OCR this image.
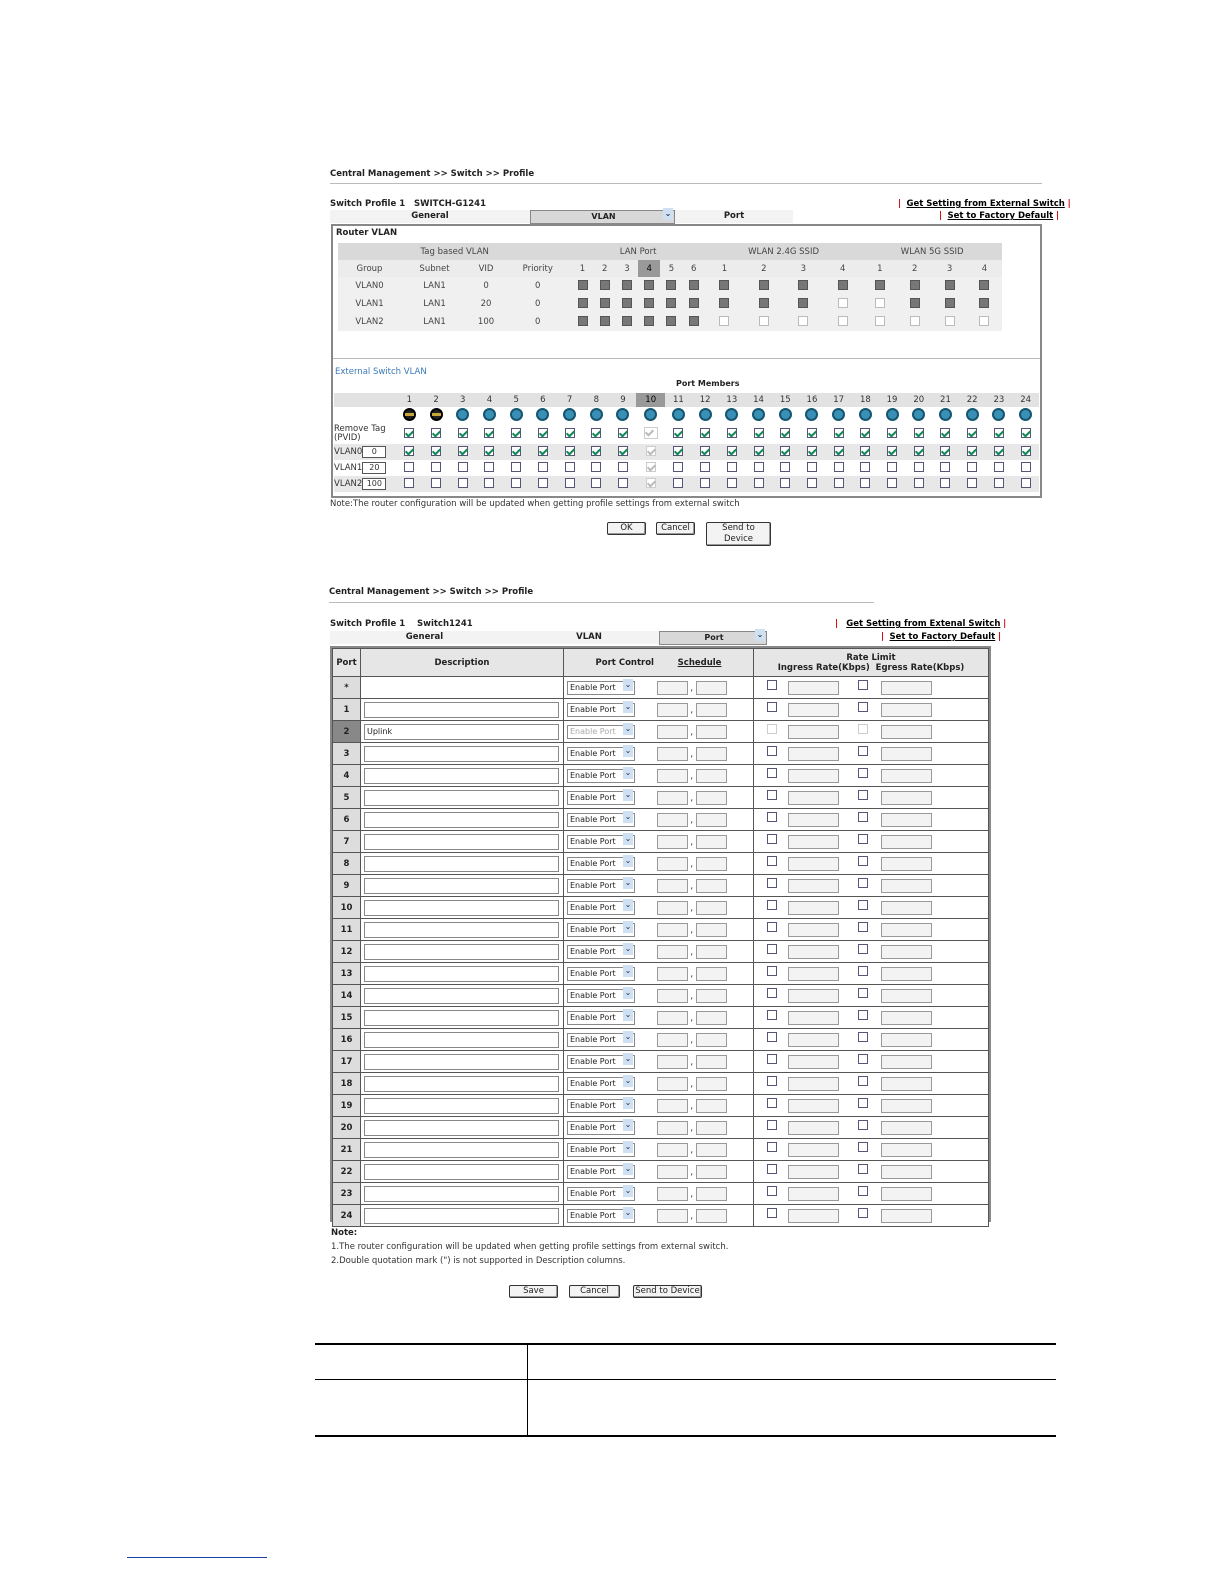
Central Management >> Switch >> Profile
Switch Profile 1 SWITCH-G1241	| Get Setting from External Switch |
| Set to Factory Default |
General	VLAN ⌄	Port
Router VLAN
Tag based VLAN				LAN Port						WLAN 2.4G SSID				WLAN 5G SSID			
Group	Subnet	VID	Priority	1	2	3	4	5	6	1	2	3	4	1	2	3	4
VLAN0	LAN1	0	0														
VLAN1	LAN1	20	0														
VLAN2	LAN1	100	0														
External Switch VLAN
Port Members
	1	2	3	4	5	6	7	8	9	10	11	12	13	14	15	16	17	18	19	20	21	22	23	24

Remove Tag (PVID)																								
VLAN0 0																								
VLAN1 20																								
VLAN2 100																								
Note:The router configuration will be updated when getting profile settings from external switch
OK	Cancel	Send to Device
Central Management >> Switch >> Profile
Switch Profile 1 Switch1241	| Get Setting from Extenal Switch |
| Set to Factory Default |
General	VLAN	Port ⌄
Port	Description	Port Control Schedule	Rate Limit
Ingress Rate(Kbps) Egress Rate(Kbps)

*		Enable Port ⌄ ,	
1		Enable Port ⌄ ,	
2	Uplink	Enable Port ⌄ ,	
3		Enable Port ⌄ ,	
4		Enable Port ⌄ ,	
5		Enable Port ⌄ ,	
6		Enable Port ⌄ ,	
7		Enable Port ⌄ ,	
8		Enable Port ⌄ ,	
9		Enable Port ⌄ ,	
10		Enable Port ⌄ ,	
11		Enable Port ⌄ ,	
12		Enable Port ⌄ ,	
13		Enable Port ⌄ ,	
14		Enable Port ⌄ ,	
15		Enable Port ⌄ ,	
16		Enable Port ⌄ ,	
17		Enable Port ⌄ ,	
18		Enable Port ⌄ ,	
19		Enable Port ⌄ ,	
20		Enable Port ⌄ ,	
21		Enable Port ⌄ ,	
22		Enable Port ⌄ ,	
23		Enable Port ⌄ ,	
24		Enable Port ⌄ ,	
Note:
1.The router configuration will be updated when getting profile settings from external switch.
2.Double quotation mark (") is not supported in Description columns.
Save	Cancel	Send to Device
